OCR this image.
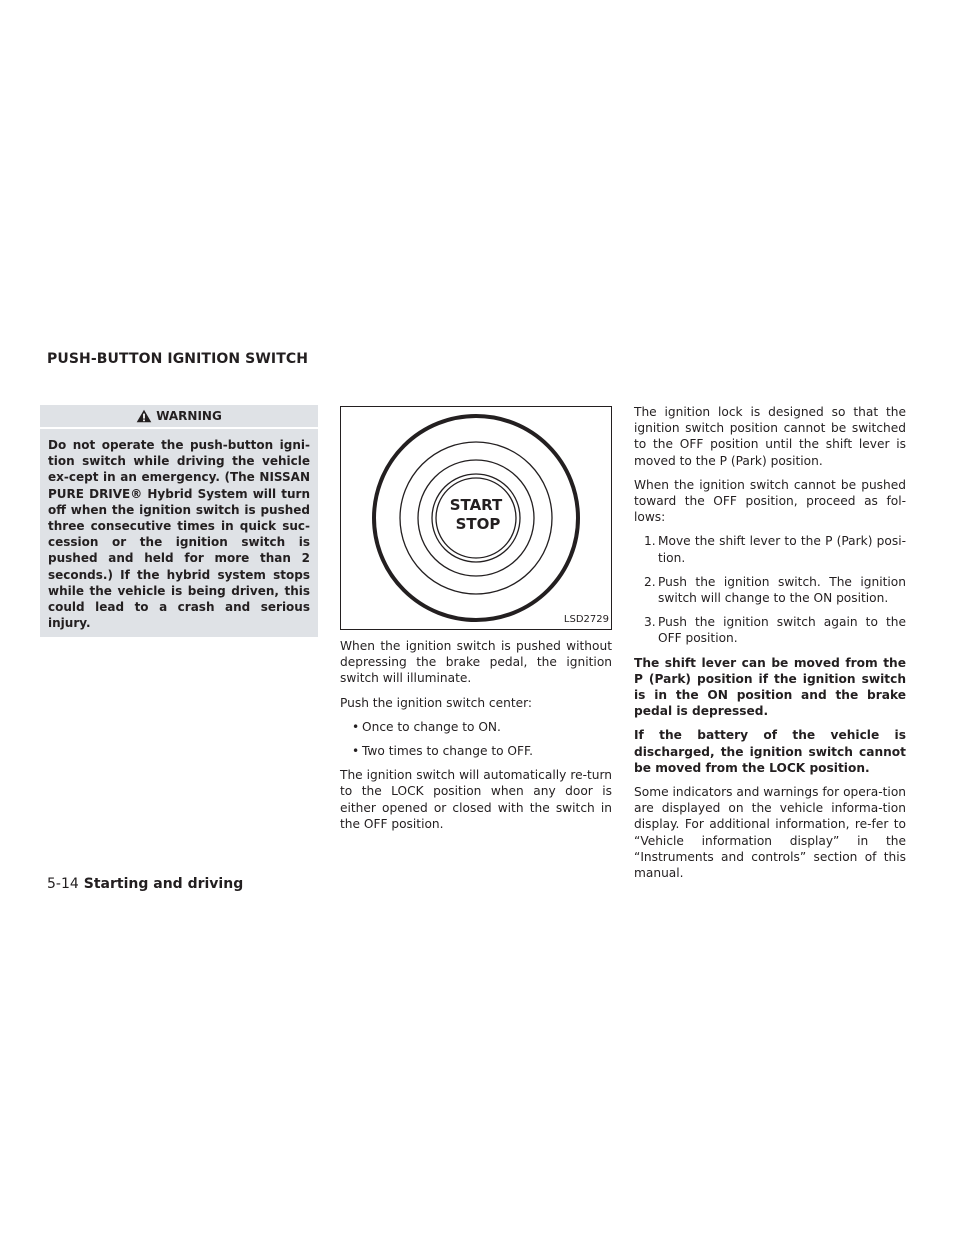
PUSH-BUTTON IGNITION SWITCH
WARNING
Do not operate the push-button igni-tion switch while driving the vehicle ex-cept in an emergency. (The NISSAN PURE DRIVE® Hybrid System will turn off when the ignition switch is pushed three consecutive times in quick suc-cession or the ignition switch is pushed and held for more than 2 seconds.) If the hybrid system stops while the vehicle is being driven, this could lead to a crash and serious injury.
START
STOP
LSD2729

When the ignition switch is pushed without depressing the brake pedal, the ignition switch will illuminate.

Push the ignition switch center:

• Once to change to ON.
• Two times to change to OFF.

The ignition switch will automatically re-turn to the LOCK position when any door is either opened or closed with the switch in the OFF position.

The ignition lock is designed so that the ignition switch position cannot be switched to the OFF position until the shift lever is moved to the P (Park) position.

When the ignition switch cannot be pushed toward the OFF position, proceed as fol-lows:

1. Move the shift lever to the P (Park) posi-tion.
2. Push the ignition switch. The ignition switch will change to the ON position.
3. Push the ignition switch again to the OFF position.

The shift lever can be moved from the P (Park) position if the ignition switch is in the ON position and the brake pedal is depressed.

If the battery of the vehicle is discharged, the ignition switch cannot be moved from the LOCK position.

Some indicators and warnings for opera-tion are displayed on the vehicle informa-tion display. For additional information, re-fer to “Vehicle information display” in the “Instruments and controls” section of this manual.

5-14 Starting and driving
